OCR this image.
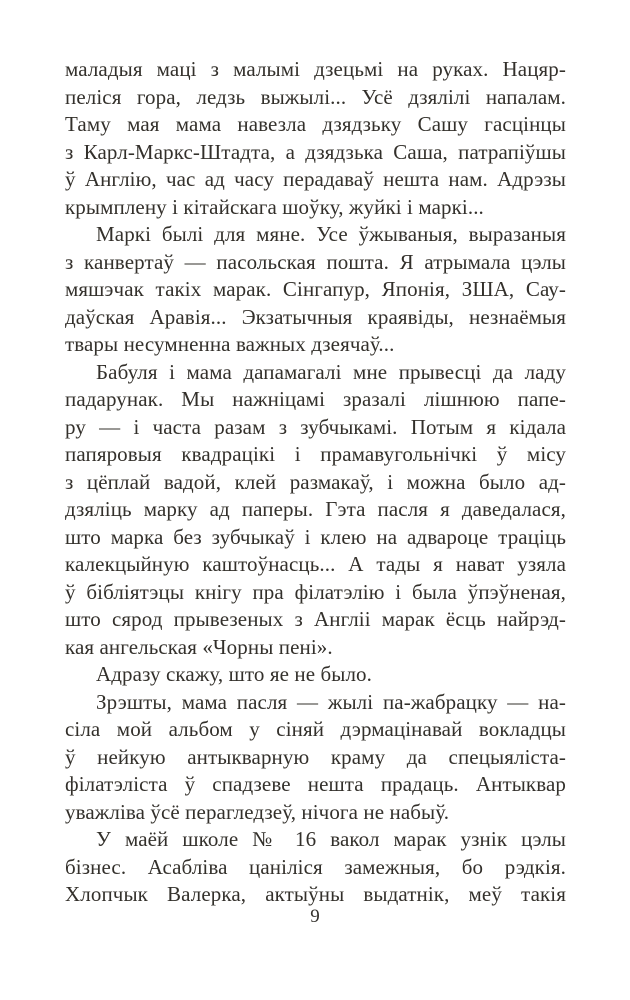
маладыя маці з малымі дзецьмі на руках. Нацяр-
пеліся гора, ледзь выжылі... Усё дзялілі напалам.
Таму мая мама навезла дзядзьку Сашу гасцінцы
з Карл-Маркс-Штадта, а дзядзька Саша, патрапіўшы
ў Англію, час ад часу перадаваў нешта нам. Адрэзы
крымплену і кітайскага шоўку, жуйкі і маркі...
Маркі былі для мяне. Усе ўжываныя, выразаныя
з канвертаў — пасольская пошта. Я атрымала цэлы
мяшэчак такіх марак. Сінгапур, Японія, ЗША, Сау-
даўская Аравія... Экзатычныя краявіды, незнаёмыя
твары несумненна важных дзеячаў...
Бабуля і мама дапамагалі мне прывесці да ладу
падарунак. Мы нажніцамі зразалі лішнюю папе-
ру — і часта разам з зубчыкамі. Потым я кідала
папяровыя квадрацікі і прамавугольнічкі ў місу
з цёплай вадой, клей размакаў, і можна было ад-
дзяліць марку ад паперы. Гэта пасля я даведалася,
што марка без зубчыкаў і клею на адвароце траціць
калекцыйную каштоўнасць... А тады я нават узяла
ў бібліятэцы кнігу пра філатэлію і была ўпэўненая,
што сярод прывезеных з Англіі марак ёсць найрэд-
кая ангельская «Чорны пені».
Адразу скажу, што яе не было.
Зрэшты, мама пасля — жылі па-жабрацку — на-
сіла мой альбом у сіняй дэрмацінавай вокладцы
ў нейкую антыкварную краму да спецыяліста-
філатэліста ў спадзеве нешта прадаць. Антыквар
уважліва ўсё перагледзеў, нічога не набыў.
У маёй школе № 16 вакол марак узнік цэлы
бізнес. Асабліва цаніліся замежныя, бо рэдкія.
Хлопчык Валерка, актыўны выдатнік, меў такія
9
